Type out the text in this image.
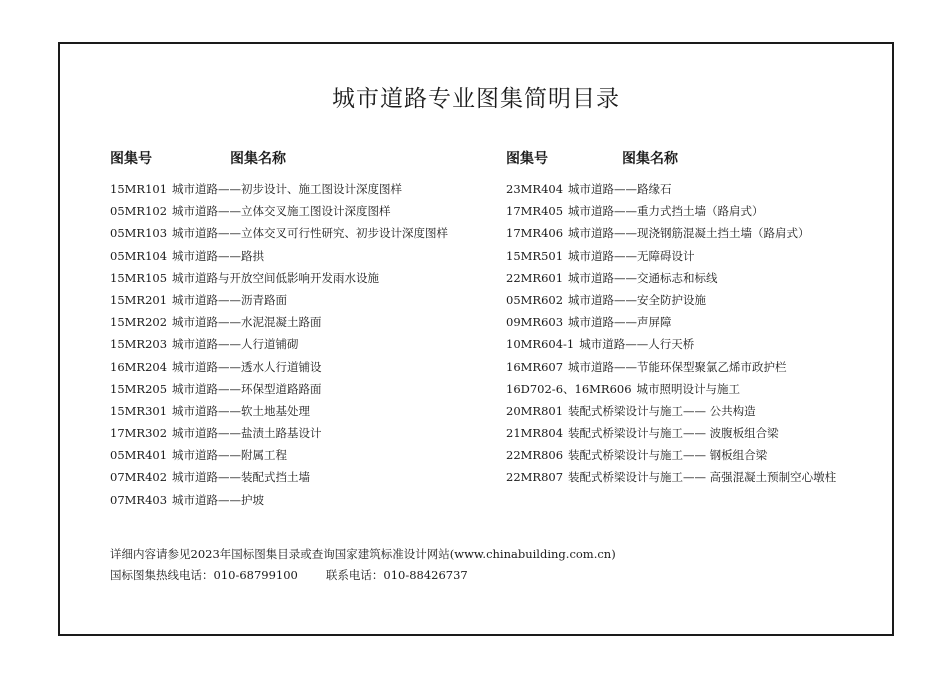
城市道路专业图集简明目录
图集号	图集名称
15MR101 城市道路——初步设计、施工图设计深度图样
05MR102 城市道路——立体交叉施工图设计深度图样
05MR103 城市道路——立体交叉可行性研究、初步设计深度图样
05MR104 城市道路——路拱
15MR105 城市道路与开放空间低影响开发雨水设施
15MR201 城市道路——沥青路面
15MR202 城市道路——水泥混凝土路面
15MR203 城市道路——人行道铺砌
16MR204 城市道路——透水人行道铺设
15MR205 城市道路——环保型道路路面
15MR301 城市道路——软土地基处理
17MR302 城市道路——盐渍土路基设计
05MR401 城市道路——附属工程
07MR402 城市道路——装配式挡土墙
07MR403 城市道路——护坡
图集号	图集名称
23MR404 城市道路——路缘石
17MR405 城市道路——重力式挡土墙（路肩式）
17MR406 城市道路——现浇钢筋混凝土挡土墙（路肩式）
15MR501 城市道路——无障碍设计
22MR601 城市道路——交通标志和标线
05MR602 城市道路——安全防护设施
09MR603 城市道路——声屏障
10MR604-1 城市道路——人行天桥
16MR607 城市道路——节能环保型聚氯乙烯市政护栏
16D702-6、16MR606 城市照明设计与施工
20MR801 装配式桥梁设计与施工—— 公共构造
21MR804 装配式桥梁设计与施工—— 波腹板组合梁
22MR806 装配式桥梁设计与施工—— 钢板组合梁
22MR807 装配式桥梁设计与施工—— 高强混凝土预制空心墩柱
详细内容请参见2023年国标图集目录或查询国家建筑标准设计网站(www.chinabuilding.com.cn)
国标图集热线电话：010-68799100 联系电话：010-88426737
